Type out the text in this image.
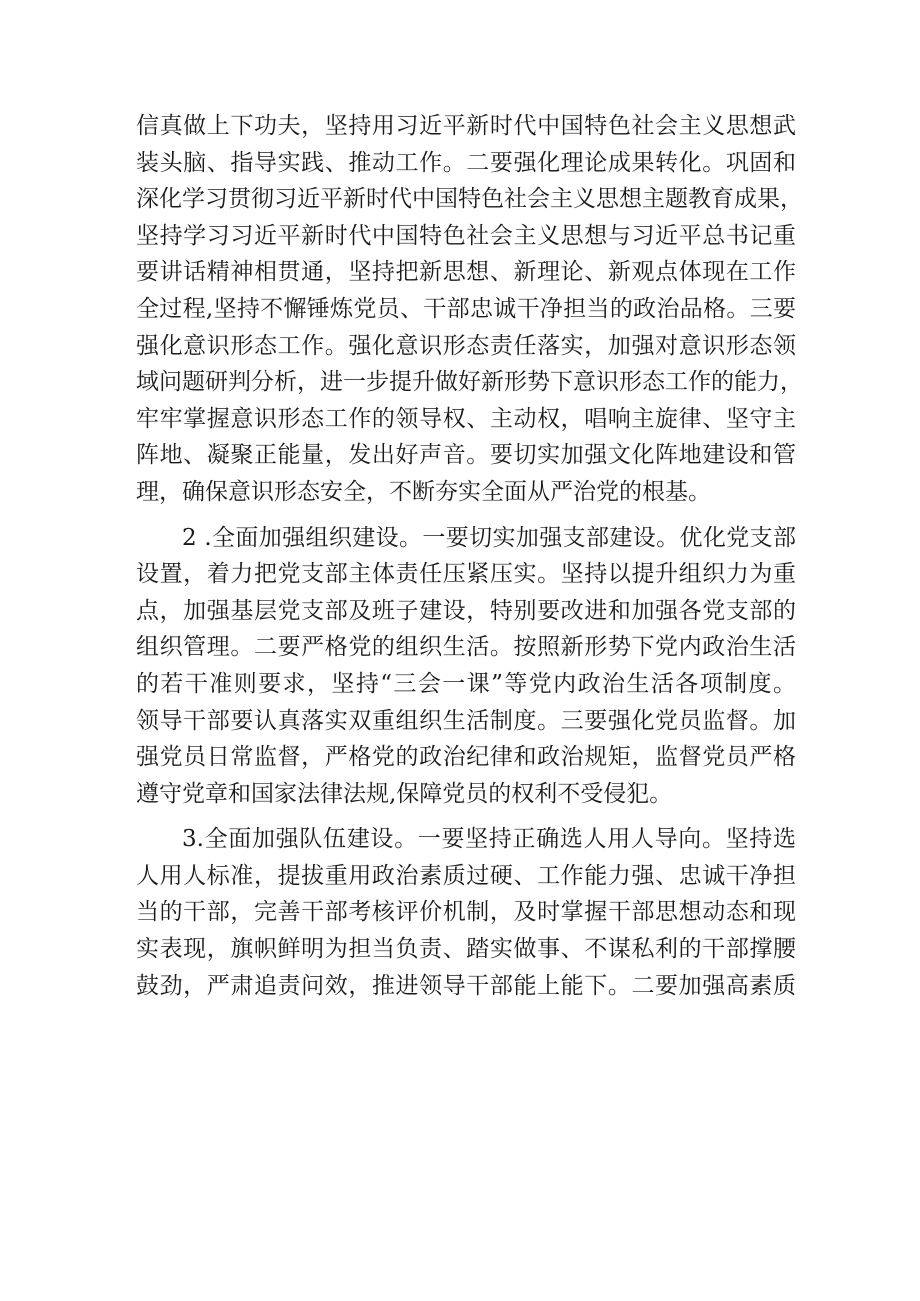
信真做上下功夫，坚持用习近平新时代中国特色社会主义思想武
装头脑、指导实践、推动工作。二要强化理论成果转化。巩固和
深化学习贯彻习近平新时代中国特色社会主义思想主题教育成果，
坚持学习习近平新时代中国特色社会主义思想与习近平总书记重
要讲话精神相贯通，坚持把新思想、新理论、新观点体现在工作
全过程,坚持不懈锤炼党员、干部忠诚干净担当的政治品格。三要
强化意识形态工作。强化意识形态责任落实，加强对意识形态领
域问题研判分析，进一步提升做好新形势下意识形态工作的能力，
牢牢掌握意识形态工作的领导权、主动权，唱响主旋律、坚守主
阵地、凝聚正能量，发出好声音。要切实加强文化阵地建设和管
理，确保意识形态安全，不断夯实全面从严治党的根基。
2 .全面加强组织建设。一要切实加强支部建设。优化党支部
设置，着力把党支部主体责任压紧压实。坚持以提升组织力为重
点，加强基层党支部及班子建设，特别要改进和加强各党支部的
组织管理。二要严格党的组织生活。按照新形势下党内政治生活
的若干准则要求，坚持“三会一课”等党内政治生活各项制度。
领导干部要认真落实双重组织生活制度。三要强化党员监督。加
强党员日常监督，严格党的政治纪律和政治规矩，监督党员严格
遵守党章和国家法律法规,保障党员的权利不受侵犯。
3.全面加强队伍建设。一要坚持正确选人用人导向。坚持选
人用人标准，提拔重用政治素质过硬、工作能力强、忠诚干净担
当的干部，完善干部考核评价机制，及时掌握干部思想动态和现
实表现，旗帜鲜明为担当负责、踏实做事、不谋私利的干部撑腰
鼓劲，严肃追责问效，推进领导干部能上能下。二要加强高素质
